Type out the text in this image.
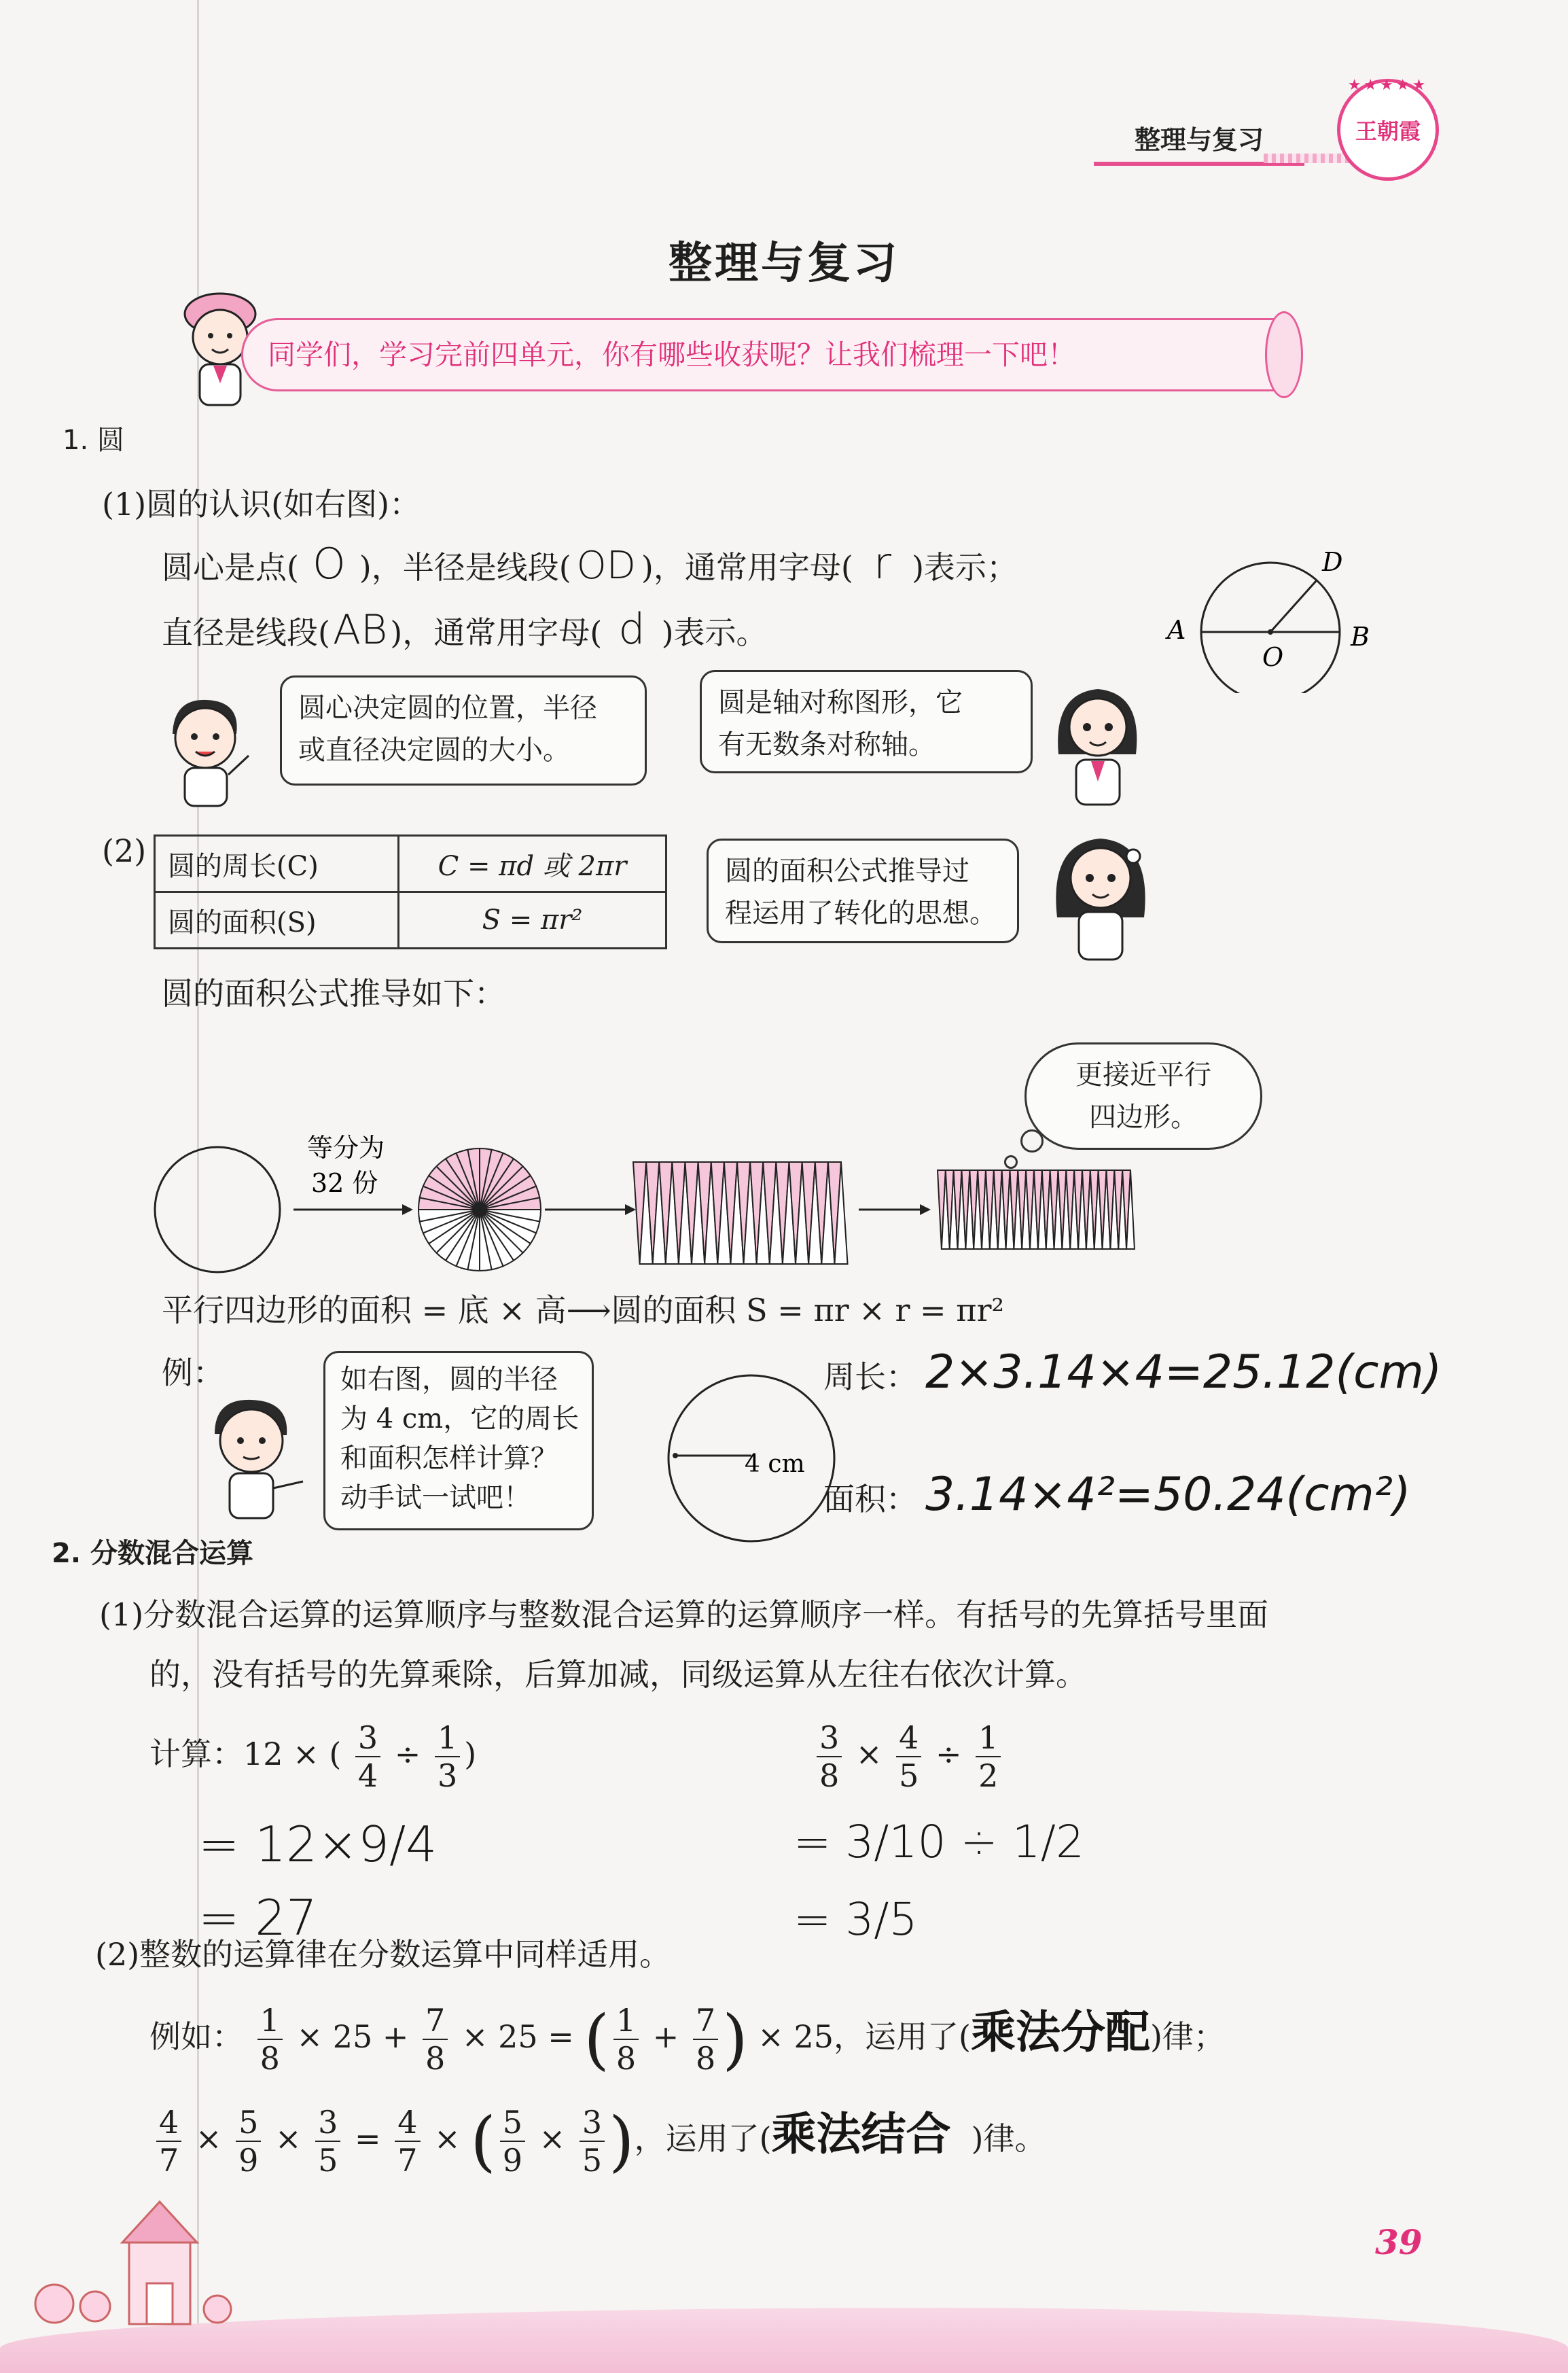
整理与复习
★★★★★
王朝霞
整理与复习
同学们，学习完前四单元，你有哪些收获呢？让我们梳理一下吧！
1. 圆
(1)圆的认识(如右图)：
圆心是点( O )，半径是线段( OD )，通常用字母( r )表示；
直径是线段(AB)，通常用字母( d )表示。	A	B
D
O
圆心决定圆的位置，半径
或直径决定圆的大小。
圆是轴对称图形，它
有无数条对称轴。
(2) 圆的周长(C)	C = πd 或 2πr
圆的面积(S)	S = πr²
圆的面积公式推导过
程运用了转化的思想。
圆的面积公式推导如下：
更接近平行
四边形。
等分为
32 份
平行四边形的面积 = 底 × 高⟶圆的面积 S = πr × r = πr²
例：	如右图，圆的半径
为 4 cm，它的周长
和面积怎样计算？
动手试一试吧！
4 cm
周长： 2×3.14×4=25.12(cm)
面积： 3.14×4²=50.24(cm²)
2. 分数混合运算
(1)分数混合运算的运算顺序与整数混合运算的运算顺序一样。有括号的先算括号里面
的，没有括号的先算乘除，后算加减，同级运算从左往右依次计算。
计算：12 × ( $\frac{3}{4} \div \frac{1}{3}$ )
= 12×9/4
= 27
$\frac{3}{8} \times \frac{4}{5} \div \frac{1}{2}$
= 3/10 ÷ 1/2
= 3/5
(2)整数的运算律在分数运算中同样适用。
例如： $\frac{1}{8} \times 25 + \frac{7}{8} \times 25$ = ( $\frac{1}{8} + \frac{7}{8}$ ) × 25，运用了(乘法分配)律；
$\frac{4}{7} \times \frac{5}{9} \times \frac{3}{5} = \frac{4}{7}$ × ( $\frac{5}{9} \times \frac{3}{5}$ )，运用了(乘法结合 )律。
39
